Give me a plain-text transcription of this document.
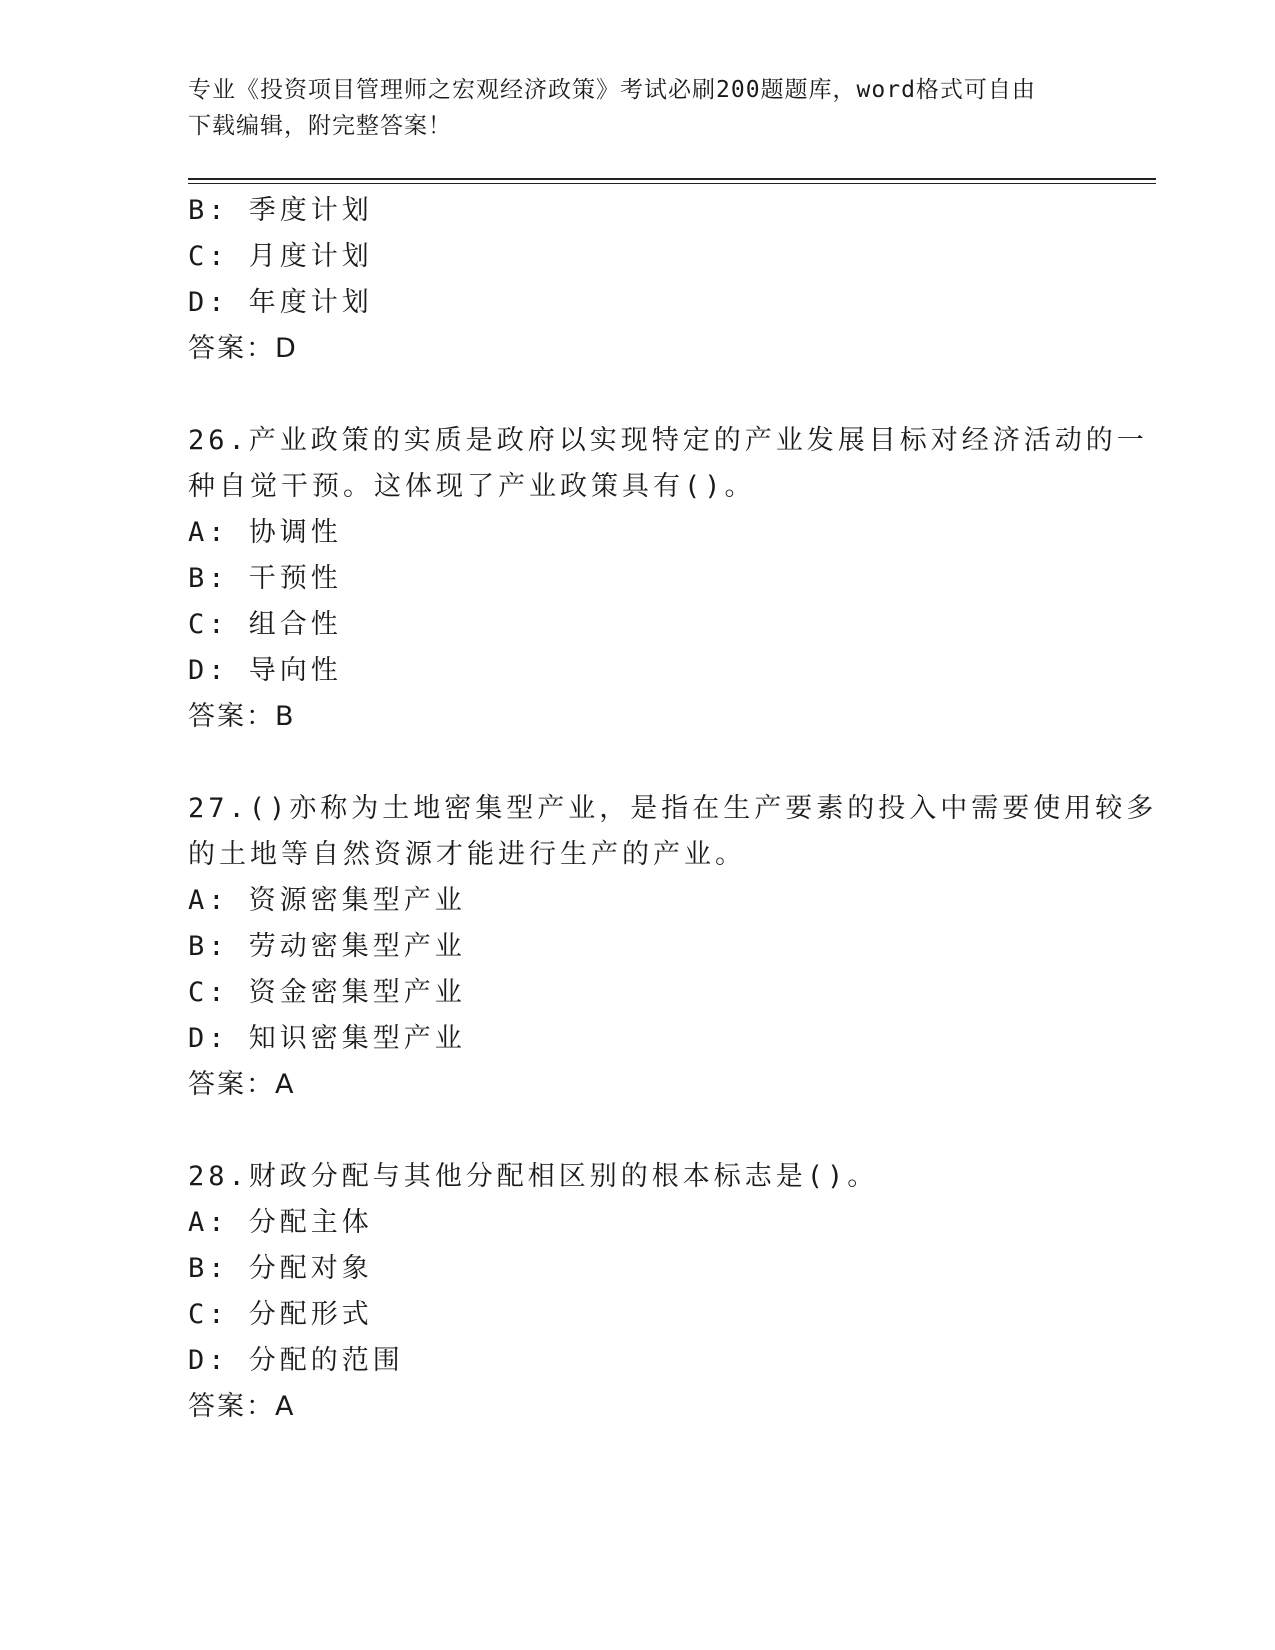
专业《投资项目管理师之宏观经济政策》考试必刷200题题库，word格式可自由
下载编辑，附完整答案！
B: 季度计划
C: 月度计划
D: 年度计划
答案：D
26.产业政策的实质是政府以实现特定的产业发展目标对经济活动的一
种自觉干预。这体现了产业政策具有()。
A: 协调性
B: 干预性
C: 组合性
D: 导向性
答案：B
27.()亦称为土地密集型产业，是指在生产要素的投入中需要使用较多
的土地等自然资源才能进行生产的产业。
A: 资源密集型产业
B: 劳动密集型产业
C: 资金密集型产业
D: 知识密集型产业
答案：A
28.财政分配与其他分配相区别的根本标志是()。
A: 分配主体
B: 分配对象
C: 分配形式
D: 分配的范围
答案：A
